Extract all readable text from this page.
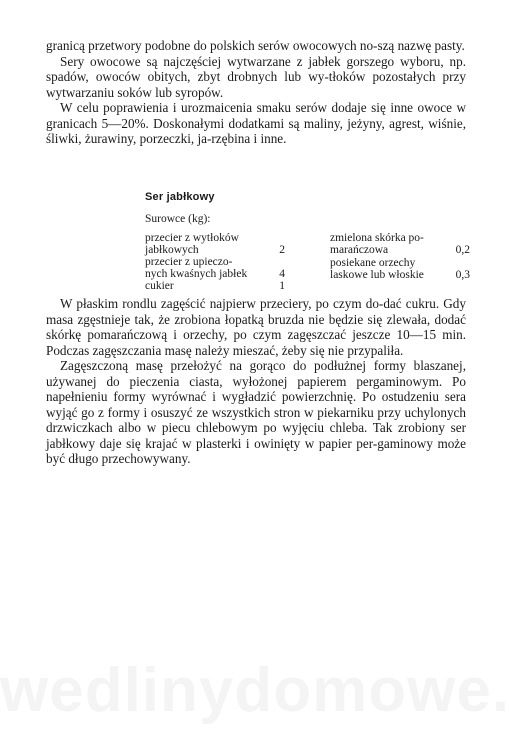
granicą przetwory podobne do polskich serów owocowych no-​szą nazwę pasty.

Sery owocowe są najczęściej wytwarzane z jabłek gorszego wyboru, np. spadów, owoców obitych, zbyt drobnych lub wy-​tłoków pozostałych przy wytwarzaniu soków lub syropów.

W celu poprawienia i urozmaicenia smaku serów dodaje się inne owoce w granicach 5—20%. Doskonałymi dodatkami są maliny, jeżyny, agrest, wiśnie, śliwki, żurawiny, porzeczki, ja-​rzębina i inne.

Ser jabłkowy
Surowce (kg):
przecier z wytłoków
jabłkowych	2
przecier z upieczo-
nych kwaśnych jabłek	4
cukier	1
zmielona skórka po-
marańczowa	0,2
posiekane orzechy
laskowe lub włoskie	0,3

W płaskim rondlu zagęścić najpierw przeciery, po czym do-​dać cukru. Gdy masa zgęstnieje tak, że zrobiona łopatką bruzda nie będzie się zlewała, dodać skórkę pomarańczową i orzechy, po czym zagęszczać jeszcze 10—15 min. Podczas zagęszczania masę należy mieszać, żeby się nie przypaliła.

Zagęszczoną masę przełożyć na gorąco do podłużnej formy blaszanej, używanej do pieczenia ciasta, wyłożonej papierem pergaminowym. Po napełnieniu formy wyrównać i wygładzić powierzchnię. Po ostudzeniu sera wyjąć go z formy i osuszyć ze wszystkich stron w piekarniku przy uchylonych drzwiczkach albo w piecu chlebowym po wyjęciu chleba. Tak zrobiony ser jabłkowy daje się krajać w plasterki i owinięty w papier per-​gaminowy może być długo przechowywany.
